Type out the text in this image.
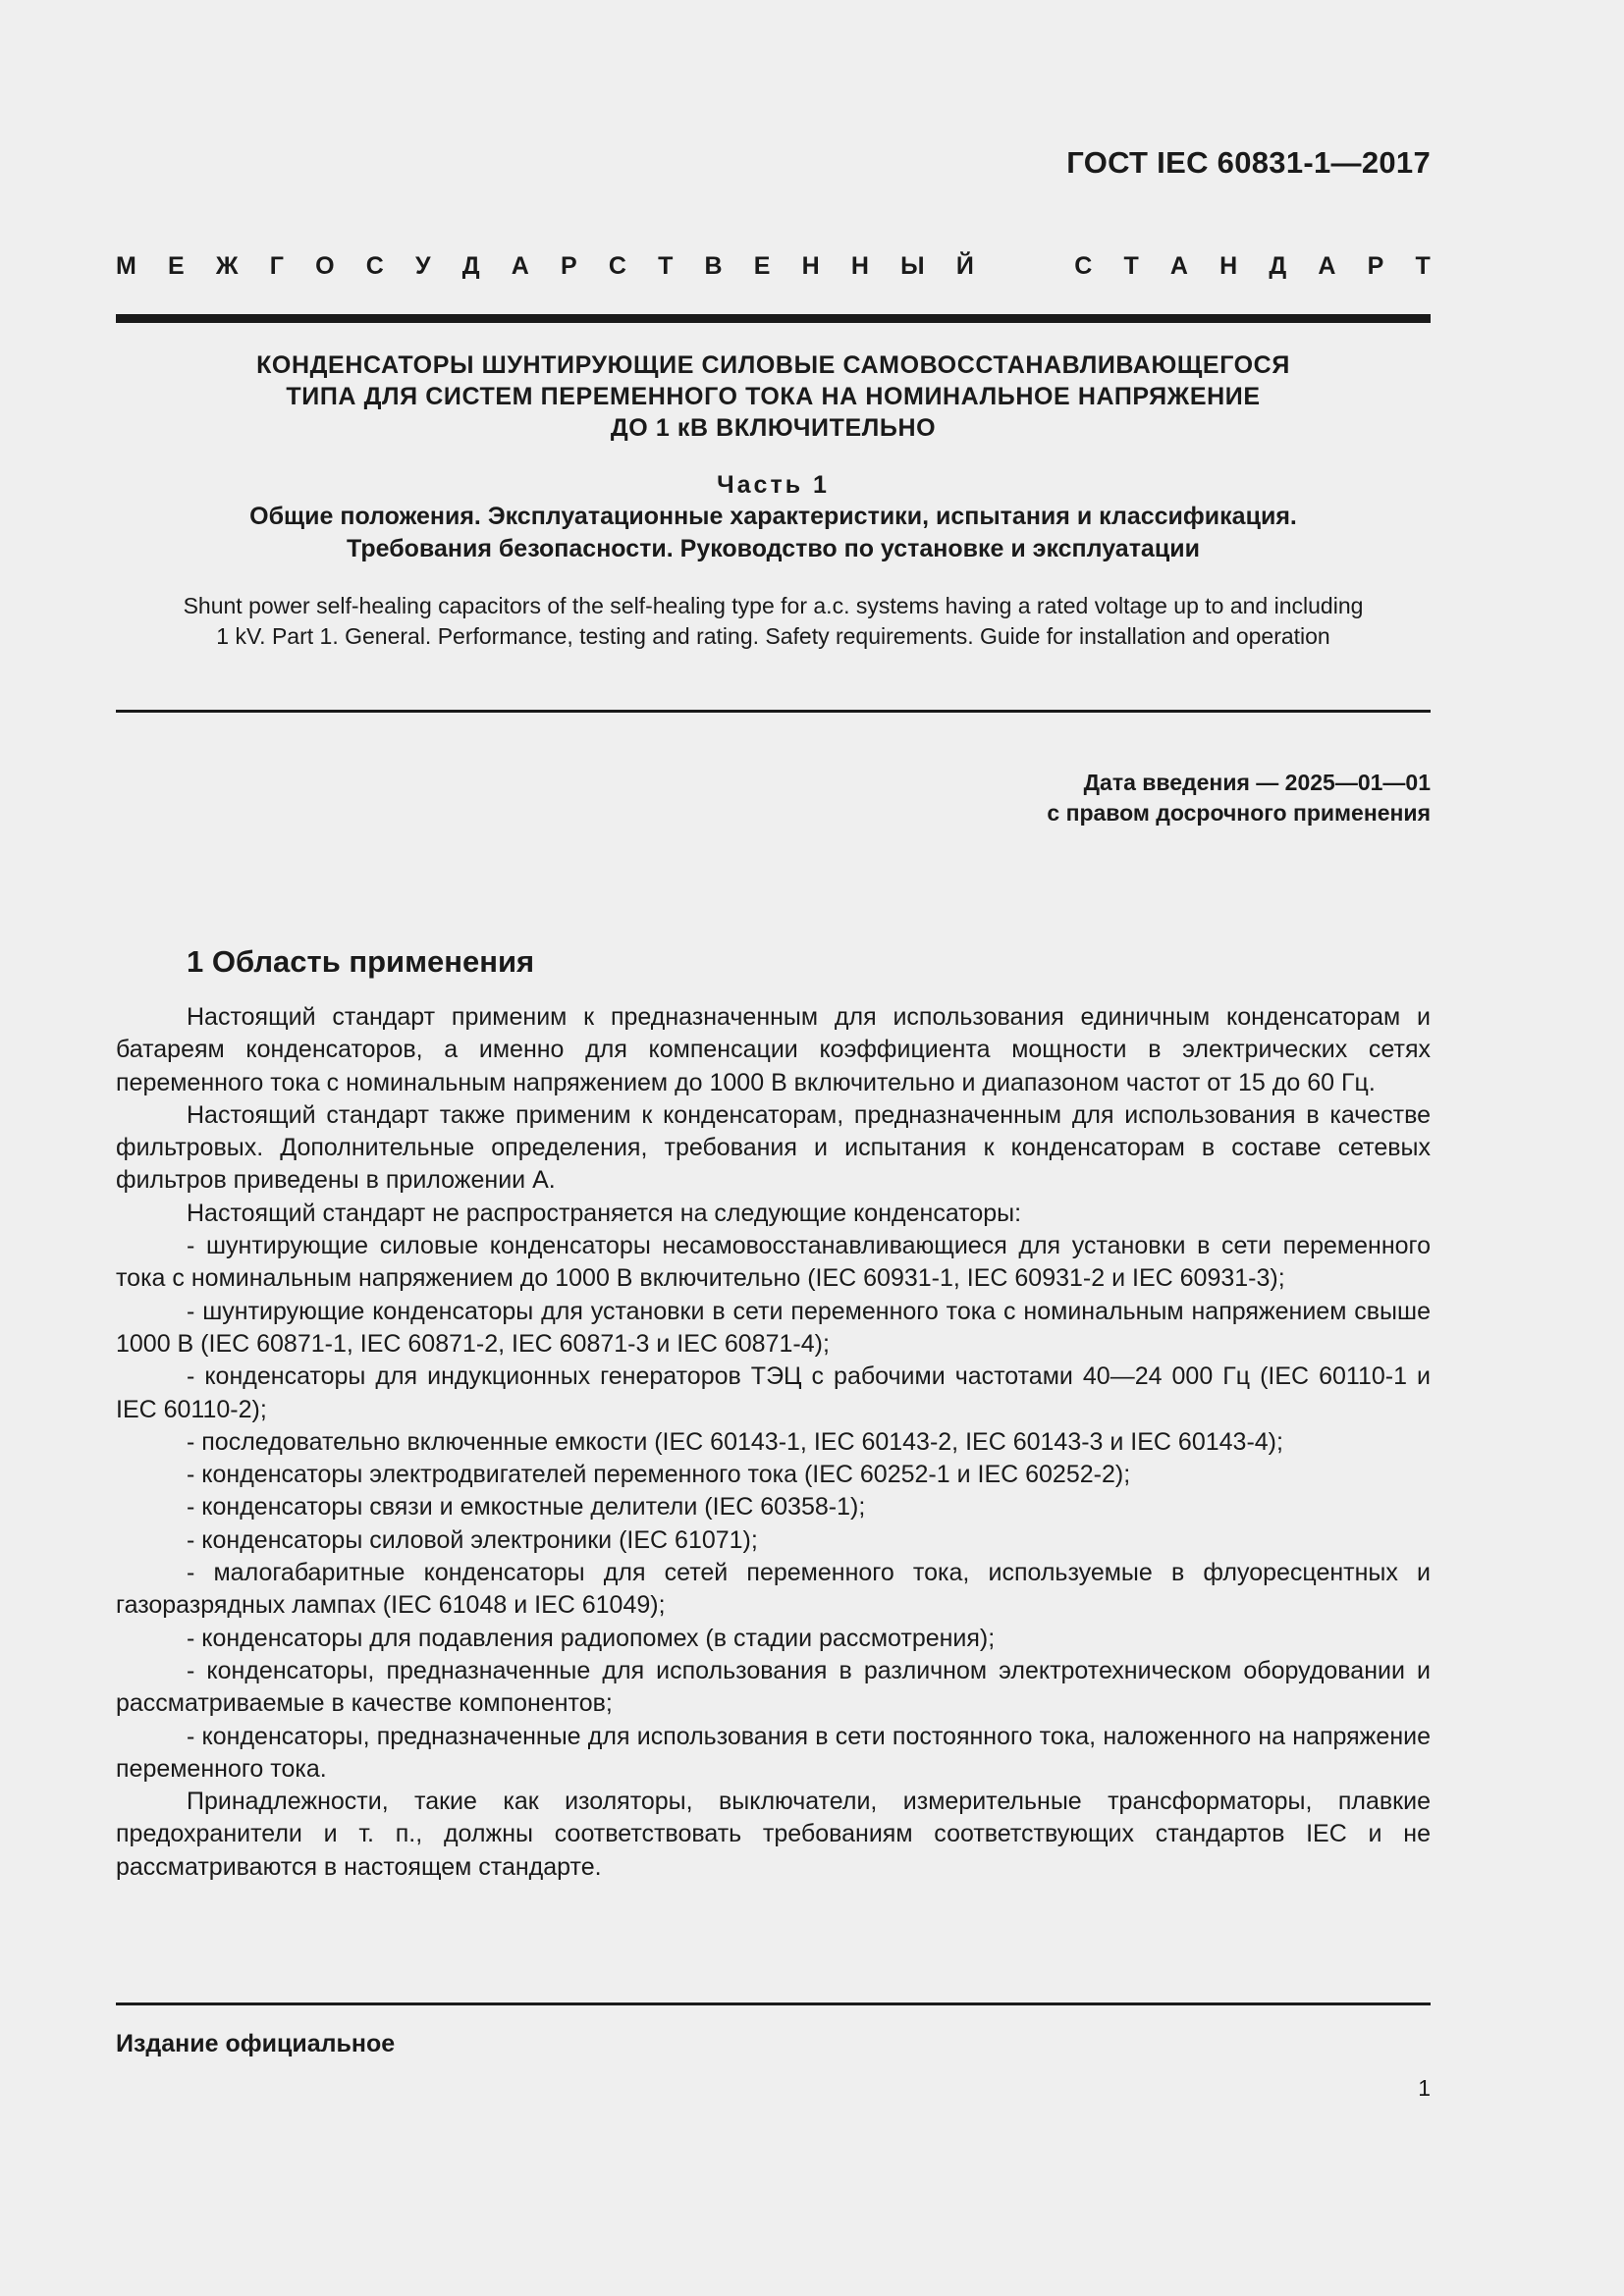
ГОСТ IEC 60831-1—2017
М Е Ж Г О С У Д А Р С Т В Е Н Н Ы Й	С Т А Н Д А Р Т
КОНДЕНСАТОРЫ ШУНТИРУЮЩИЕ СИЛОВЫЕ САМОВОССТАНАВЛИВАЮЩЕГОСЯ
ТИПА ДЛЯ СИСТЕМ ПЕРЕМЕННОГО ТОКА НА НОМИНАЛЬНОЕ НАПРЯЖЕНИЕ
ДО 1 кВ ВКЛЮЧИТЕЛЬНО
Часть 1
Общие положения. Эксплуатационные характеристики, испытания и классификация.
Требования безопасности. Руководство по установке и эксплуатации
Shunt power self-healing capacitors of the self-healing type for a.c. systems having a rated voltage up to and including
1 kV. Part 1. General. Performance, testing and rating. Safety requirements. Guide for installation and operation
Дата введения — 2025—01—01
с правом досрочного применения
1 Область применения

Настоящий стандарт применим к предназначенным для использования единичным конденсаторам и батареям конденсаторов, а именно для компенсации коэффициента мощности в электрических сетях переменного тока с номинальным напряжением до 1000 В включительно и диапазоном частот от 15 до 60 Гц.

Настоящий стандарт также применим к конденсаторам, предназначенным для использования в качестве фильтровых. Дополнительные определения, требования и испытания к конденсаторам в составе сетевых фильтров приведены в приложении А.

Настоящий стандарт не распространяется на следующие конденсаторы:

- шунтирующие силовые конденсаторы несамовосстанавливающиеся для установки в сети переменного тока с номинальным напряжением до 1000 В включительно (IEC 60931-1, IEC 60931-2 и IEC 60931-3);

- шунтирующие конденсаторы для установки в сети переменного тока с номинальным напряжением свыше 1000 В (IEC 60871-1, IEC 60871-2, IEC 60871-3 и IEC 60871-4);

- конденсаторы для индукционных генераторов ТЭЦ с рабочими частотами 40—24 000 Гц (IEC 60110-1 и IEC 60110-2);

- последовательно включенные емкости (IEC 60143-1, IEC 60143-2, IEC 60143-3 и IEC 60143-4);

- конденсаторы электродвигателей переменного тока (IEC 60252-1 и IEC 60252-2);

- конденсаторы связи и емкостные делители (IEC 60358-1);

- конденсаторы силовой электроники (IEC 61071);

- малогабаритные конденсаторы для сетей переменного тока, используемые в флуоресцентных и газоразрядных лампах (IEC 61048 и IEC 61049);

- конденсаторы для подавления радиопомех (в стадии рассмотрения);

- конденсаторы, предназначенные для использования в различном электротехническом оборудовании и рассматриваемые в качестве компонентов;

- конденсаторы, предназначенные для использования в сети постоянного тока, наложенного на напряжение переменного тока.

Принадлежности, такие как изоляторы, выключатели, измерительные трансформаторы, плавкие предохранители и т. п., должны соответствовать требованиям соответствующих стандартов IEC и не рассматриваются в настоящем стандарте.

Издание официальное
1
